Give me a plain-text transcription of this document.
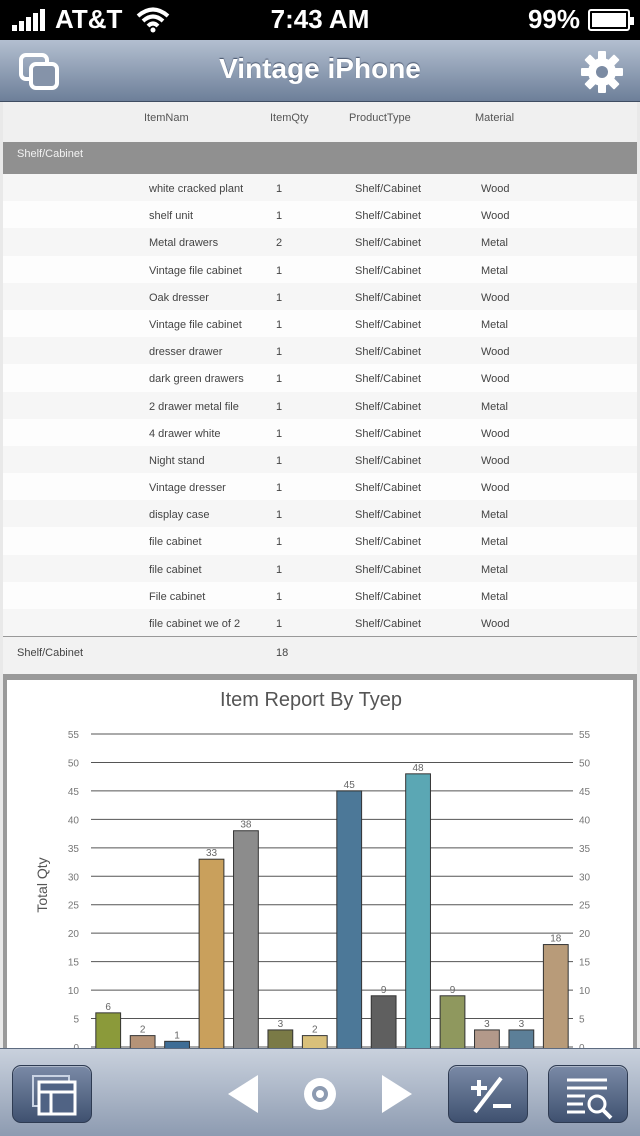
AT&T	7:43 AM	99%
Vintage iPhone
ItemNam	ItemQty	ProductType	Material
Shelf/Cabinet
white cracked plant	1	Shelf/Cabinet	Wood
shelf unit	1	Shelf/Cabinet	Wood
Metal drawers	2	Shelf/Cabinet	Metal
Vintage file cabinet	1	Shelf/Cabinet	Metal
Oak dresser	1	Shelf/Cabinet	Wood
Vintage file cabinet	1	Shelf/Cabinet	Metal
dresser drawer	1	Shelf/Cabinet	Wood
dark green drawers	1	Shelf/Cabinet	Wood
2 drawer metal file	1	Shelf/Cabinet	Metal
4 drawer white	1	Shelf/Cabinet	Wood
Night stand	1	Shelf/Cabinet	Wood
Vintage dresser	1	Shelf/Cabinet	Wood
display case	1	Shelf/Cabinet	Metal
file cabinet	1	Shelf/Cabinet	Metal
file cabinet	1	Shelf/Cabinet	Metal
File cabinet	1	Shelf/Cabinet	Metal
file cabinet we of 2	1	Shelf/Cabinet	Wood
Shelf/Cabinet	18
Item Report By Tyep
Total Qty
5	5
10	10
15	15
20	20
25	25
30	30
35	35
40	40
45	45
50	50
55	55
6
2
1
33
38
3
2
45
9
48
9
3	3
18
